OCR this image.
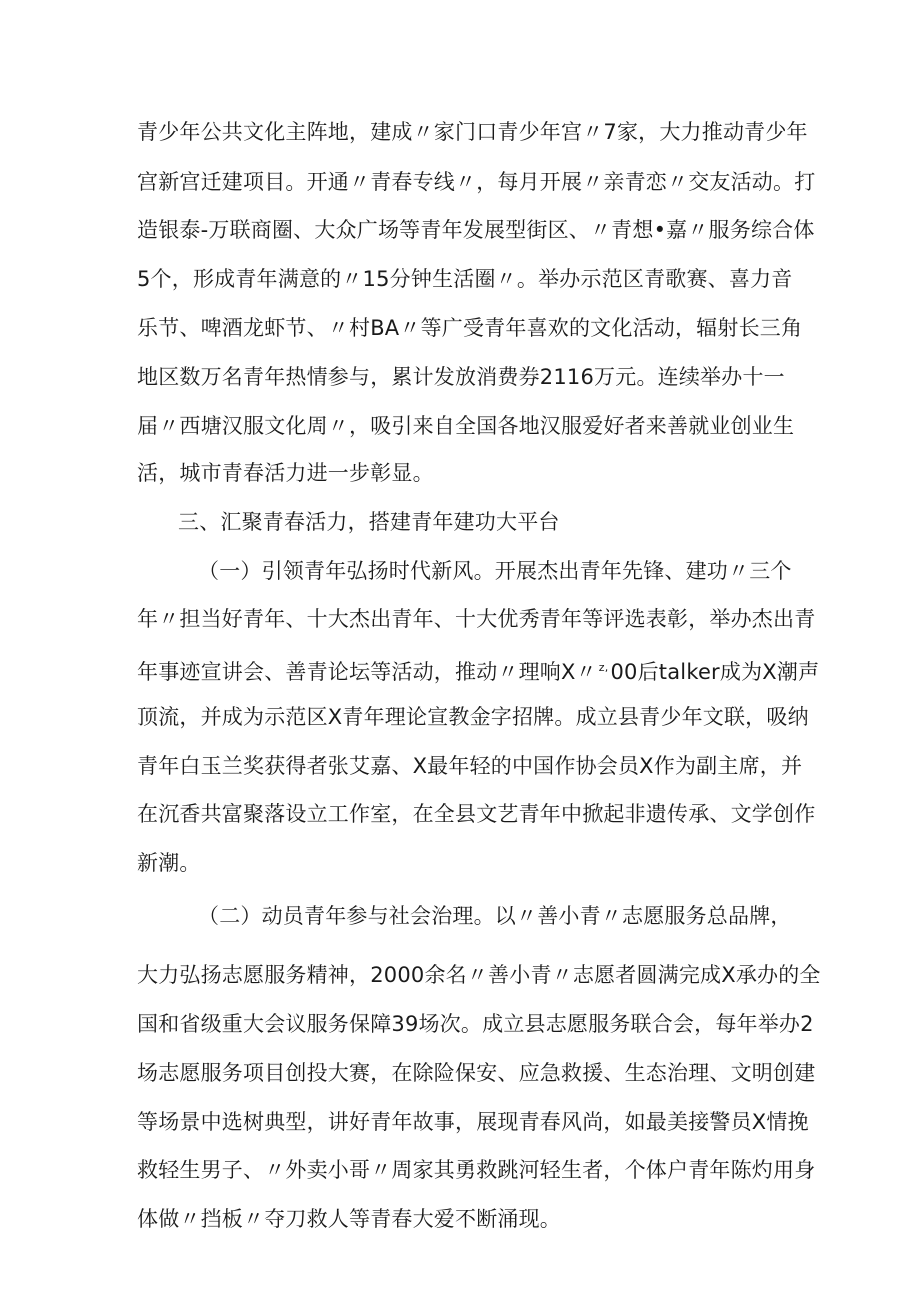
青少年公共文化主阵地，建成〃家门口青少年宫〃7家，大力推动青少年
宫新宫迁建项目。开通〃青春专线〃，每月开展〃亲青恋〃交友活动。打
造银泰-万联商圈、大众广场等青年发展型街区、〃青想•嘉〃服务综合体
5个，形成青年满意的〃15分钟生活圈〃。举办示范区青歌赛、喜力音
乐节、啤酒龙虾节、〃村BA〃等广受青年喜欢的文化活动，辐射长三角
地区数万名青年热情参与，累计发放消费券2116万元。连续举办十一
届〃西塘汉服文化周〃，吸引来自全国各地汉服爱好者来善就业创业生
活，城市青春活力进一步彰显。
三、汇聚青春活力，搭建青年建功大平台
（一）引领青年弘扬时代新风。开展杰出青年先锋、建功〃三个
年〃担当好青年、十大杰出青年、十大优秀青年等评选表彰，举办杰出青
年事迹宣讲会、善青论坛等活动，推动〃理响X〃 $^{z,}$00后talker成为X潮声
顶流，并成为示范区X青年理论宣教金字招牌。成立县青少年文联，吸纳
青年白玉兰奖获得者张艾嘉、X最年轻的中国作协会员X作为副主席，并
在沉香共富聚落设立工作室，在全县文艺青年中掀起非遗传承、文学创作
新潮。
（二）动员青年参与社会治理。以〃善小青〃志愿服务总品牌，
大力弘扬志愿服务精神，2000余名〃善小青〃志愿者圆满完成X承办的全
国和省级重大会议服务保障39场次。成立县志愿服务联合会，每年举办2
场志愿服务项目创投大赛，在除险保安、应急救援、生态治理、文明创建
等场景中选树典型，讲好青年故事，展现青春风尚，如最美接警员X情挽
救轻生男子、〃外卖小哥〃周家其勇救跳河轻生者，个体户青年陈灼用身
体做〃挡板〃夺刀救人等青春大爱不断涌现。
